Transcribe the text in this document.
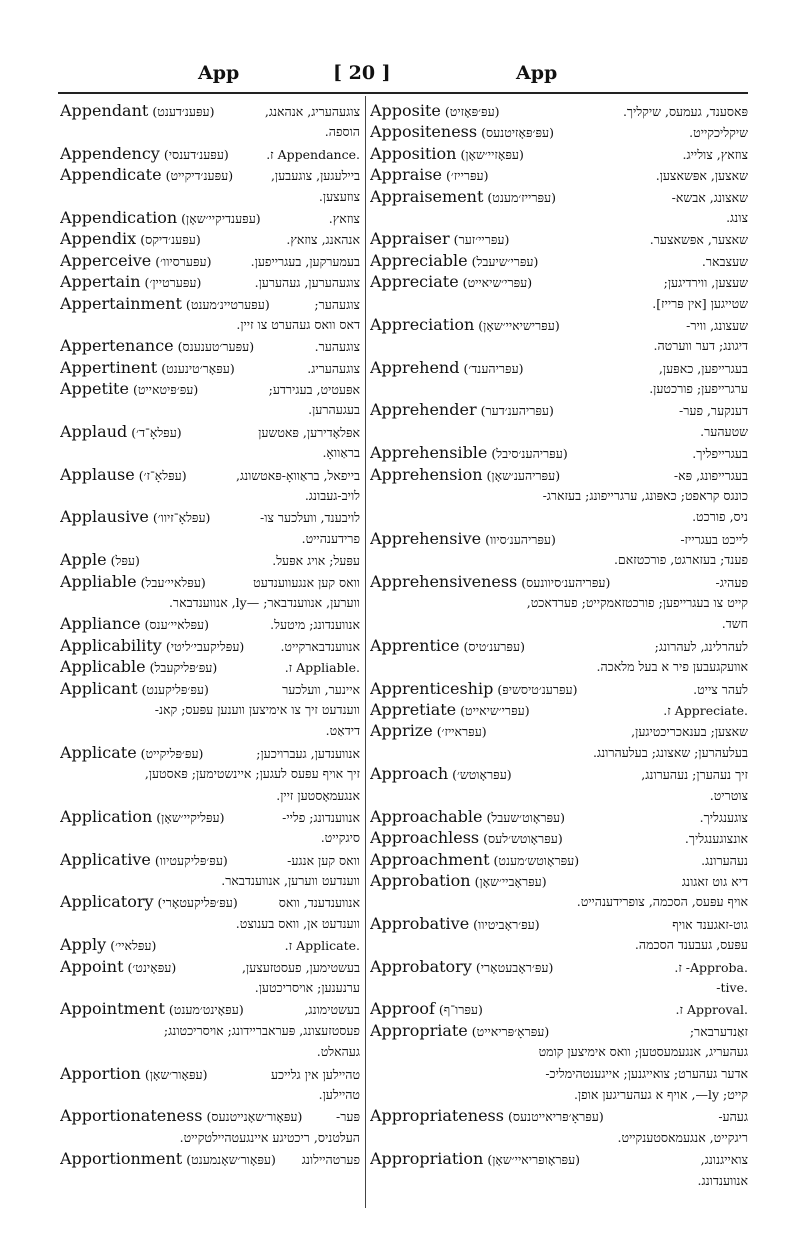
App	[ 20 ]	App
Appendant (עפּענ׳דענט)	צוגעהעריג, אנהאנג,
הוספה.
Appendency (עפּענ׳דענסי)	.Appendance ז.
Appendicate (עפּענ׳דיקייט)	ביילעגען, צוגעבען,
צוזעצען.
Appendication (עפּענדיקיי׳שאָן)	צוזאץ.
Appendix (עפּענ׳דיקס)	אנהאנג, צוזאץ.
Apperceive (עפּערסיוו׳)	בעמערקען, בעגרייפען.
Appertain (עפּערטיין׳)	צוגעהערען, געהערען.
Appertainment (עפּערטיינ׳מענט)	צוגעהער;
דאס וואס געהערט צו זיין.
Appertenance (עפּער׳טענענס)	צוגעהער.
Appertinent (עפּאָר׳טינענט)	צוגעהעריג.
Appetite (עפּ׳פּיטאייט)	אפּעטיט, בעגירדע;
בעגעהרען.
Applaud (עפּלאָ־ד׳)	אפּלאָדירען, פּאטשען
בראַוואָ.
Applause (עפּלאָ־ז׳)	בייפאל, בראַוואָ-פּאטשונג,
לויב-געבונג.
Applausive (עפּלאָ־זיוו׳)	לויבענד, וועלכער צו-
פרידענהייט.
Apple (עפּל)	עפּעל; אויג אפּעל.
Appliable (עפּלאיי׳עבל)	וואס קען אנגעווענדעט
ווערען, אנווענדבאר; —ly, אנווענדבאר.
Appliance (עפּלאיי׳ענס)	אנווענדונג; מיטעל.
Applicability (עפּליקעבי׳ליטי)	אנווענדבארקייט.
Applicable (עפּ׳פּליקעבל)	.Appliable ז.
Applicant (עפּ׳פּליקענט)	איינער, וועלכער
ווענדעט זיך צו אימיצען ווענען עפּעס; קאנ-
דידאַט.
Applicate (עפּ׳פּליקייט)	אנווענדען, געברויכען;
זיך אויף עפּעס לעגען; איינשטימען; פּאסטען,
אנגעמאָסטען זיין.
Application (עפּליקיי׳שאָן)	אנווענדונג; פליי-
סיגקייט.
Applicative (עפּ׳פּליקעטיוו)	וואס קען אנגע-
ווענדעט ווערען, אנווענדבאר.
Applicatory (עפּ׳פּליקעטאָרי)	אנווענדענד, וואס
ווענדעט אן, וואס בענוצט.
Apply (עפּלאיי׳)	.Applicate ז.
Appoint (עפּאָינט׳)	בעשטימען, פעסטזעצען,
ערנענען; אויסריכטען.
Appointment (עפּאָינט׳מענט)	בעשטימונג,
פעסטזעצונג, פּעראבריידונג; אויסריכטונג;
געהאלט.
Apportion (עפּאָור׳שאָן)	טהיילען אין גלייכע
טהיילען.
Apportionateness (עפּאָור׳שאָנייטנעס)	פּער-
העלטניס, ריכטיגע איינגעטהיילטקייט.
Apportionment (עפּאָור׳שאָנמענט)	פערטהיילונג
Apposite (עפּ׳פּאָזיט)	פּאסענד, געמעס, שיקליך.
Appositeness (עפּ׳פּאָזיטנעס)	שיקליכקייט.
Apposition (עפּאָזיי׳שאָן)	צוזאץ, צולייג.
Appraise (עפּרייז׳)	שאצען, אפּשאצען.
Appraisement (עפּרייז׳מענט)	שאצונג, אבשא-
צונג.
Appraiser (עפּריי׳זער)	שאצער, אפּשאצער.
Appreciable (עפּרי׳שיעבל)	שעצבאר.
Appreciate (עפּרי׳שיאייט)	שעצען, ווירדיגען;
שטייגען [אין פּרייז].
Appreciation (עפּרישיאיי׳שאָן)	שעצונג, וויר-
דיגונג; דער ווערטה.
Apprehend (עפּריהענד׳)	בעגרייפען, כאפּען,
ערגרייפען; פורכטען.
Apprehender (עפּריהענ׳דער)	דענקער, פער-
שטעהער.
Apprehensible (עפּריהענ׳סיבל)	בעגרייפליך.
Apprehension (עפּריהענ׳שאָן)	בעגרייפונג, פּא-
כונגס קראפט; כאפּונג, ערגרייפונג; בעזארג-
ניס, פורכט.
Apprehensive (עפּריהענ׳סיוו)	לייכט בעגרייז-
פענד; בעזארגט, פורכטזאם.
Apprehensiveness (עפּריהענ׳סיוונעס)	פעהיג-
קייט צו בעגרייפען; פורכטזאמקייט; פערדאכט,
חשד.
Apprentice (עפּרענ׳טיס)	לעהרלינג, לעהרונג;
אוועקגעבען פיר א בעל מלאכה.
Apprenticeship (עפּרענ׳טיסשיפּ)	לעהר צייט.
Appretiate (עפּרי׳שיאייט)	.Appreciate ז.
Apprize (עפּראייז׳)	שאצען; בענאכריכטיגען,
בעלעהרען; שאצונג; בעלעהרונג.
Approach (עפּראָוטש׳)	זיך נעהערן; נעהערונג,
צוטריט.
Approachable (עפּראָוט׳שעבל)	צוגענגליך.
Approachless (עפּראָוטש׳לעס)	אונצוגענגליך.
Approachment (עפּראָוטש׳מענט)	נעהערונג.
Approbation (עפּראָביי׳שאָן)	דיא גוט זאגונג
אויף עפּעס, הסכמה, צופרידענהייט.
Approbative (עפּ׳ראָביטיוו)	גוט-זאגענד אויף
עפּעס, געבענד הסכמה.
Approbatory (עפּ׳ראָבעטאָרי)	.Approba- ז.
.tive-
Approof (עפּרו־ף)	.Approval ז.
Appropriate (עפּראָ׳פּריאייט)	זאַנדערבאר;
געהעריג, אנגעמעסטען; וואס אימיצען קומט
אדער געהערט; צואייגנען; אייגענטהימליכ-
קייט; ly—, אויף א געהעריגען אופן.
Appropriateness (עפּראָ׳פּריאייטנעס)	געהע-
ריגקייט, אנגעמאסטענקייט.
Appropriation (עפּראָופּריאיי׳שאָן)	צואייגנונג,
אנווענדונג.
